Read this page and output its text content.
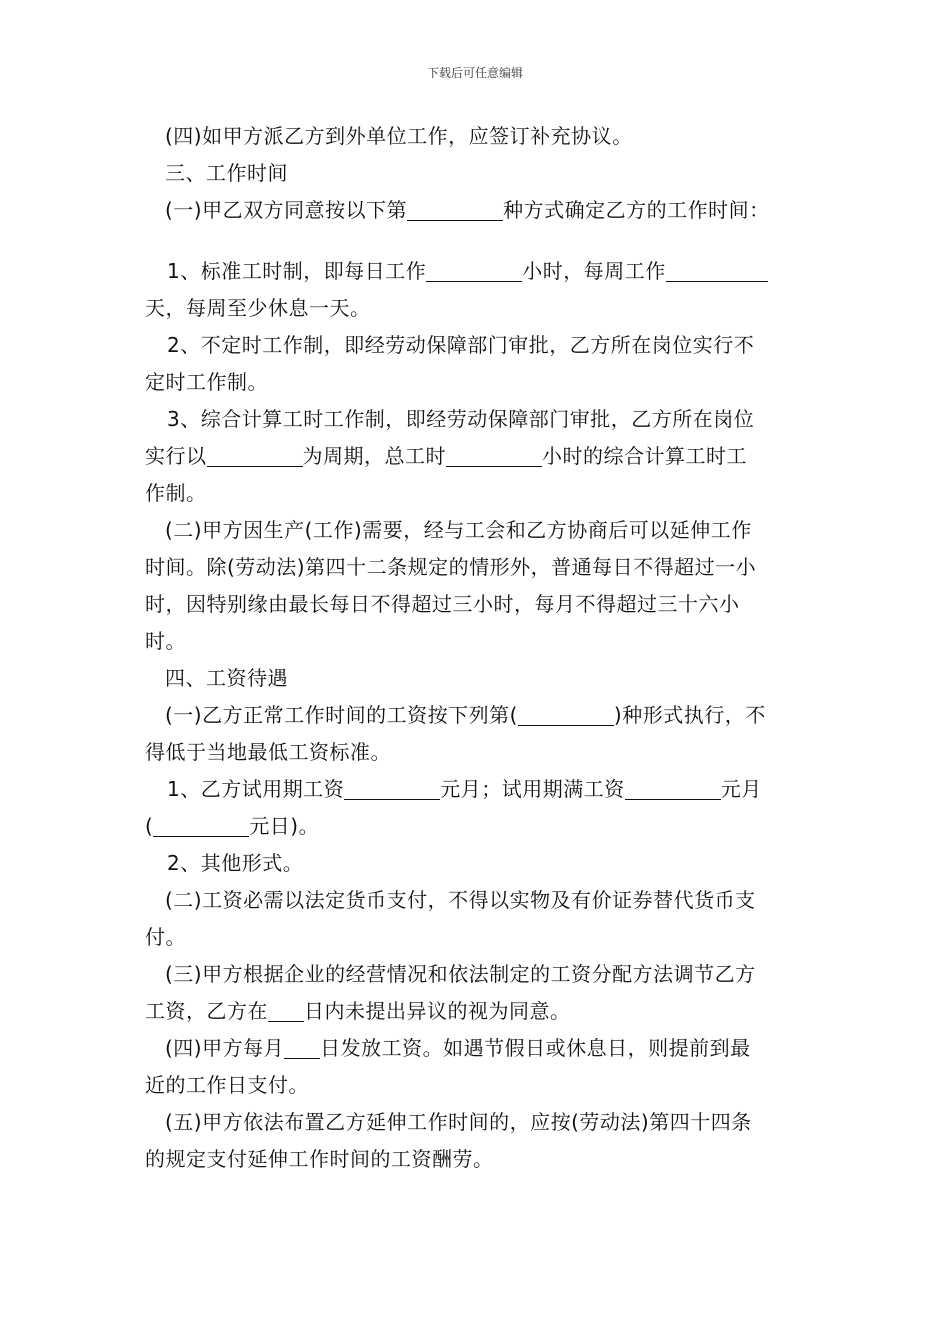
下载后可任意编辑
(四)如甲方派乙方到外单位工作，应签订补充协议。
三、工作时间
(一)甲乙双方同意按以下第	种方式确定乙方的工作时间：
1、标准工时制，即每日工作	小时，每周工作
天，每周至少休息一天。
2、不定时工作制，即经劳动保障部门审批，乙方所在岗位实行不
定时工作制。
3、综合计算工时工作制，即经劳动保障部门审批，乙方所在岗位
实行以	为周期，总工时	小时的综合计算工时工
作制。
(二)甲方因生产(工作)需要，经与工会和乙方协商后可以延伸工作
时间。除(劳动法)第四十二条规定的情形外，普通每日不得超过一小
时，因特别缘由最长每日不得超过三小时，每月不得超过三十六小
时。
四、工资待遇
(一)乙方正常工作时间的工资按下列第(	)种形式执行，不
得低于当地最低工资标准。
1、乙方试用期工资	元月；试用期满工资	元月
(	元日)。
2、其他形式。
(二)工资必需以法定货币支付，不得以实物及有价证券替代货币支
付。
(三)甲方根据企业的经营情况和依法制定的工资分配方法调节乙方
工资，乙方在 日内未提出异议的视为同意。
(四)甲方每月 日发放工资。如遇节假日或休息日，则提前到最
近的工作日支付。
(五)甲方依法布置乙方延伸工作时间的，应按(劳动法)第四十四条
的规定支付延伸工作时间的工资酬劳。
